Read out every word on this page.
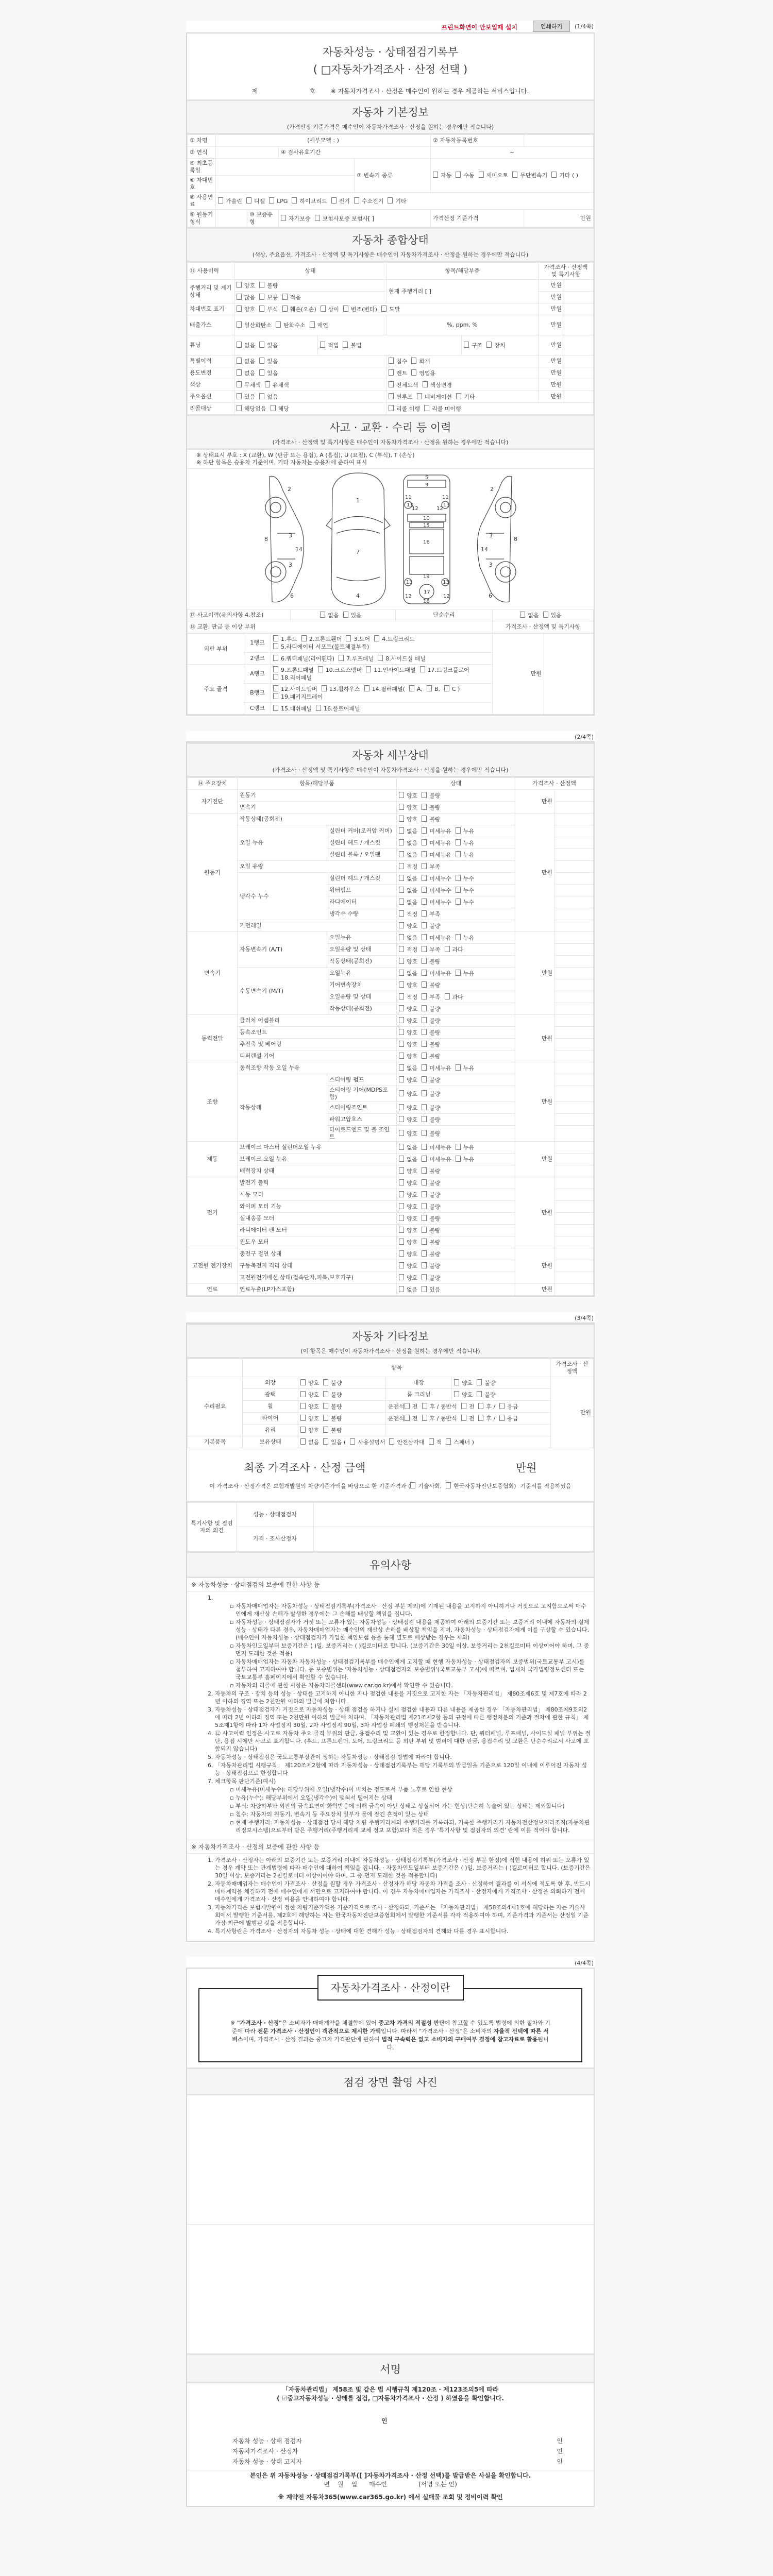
프린트화면이 안보일때 설치	인쇄하기	(1/4쪽)
자동차성능 · 상태점검기록부
( □자동차가격조사 · 산정 선택 )
제	호	※ 자동차가격조사 · 산정은 매수인이 원하는 경우 제공하는 서비스입니다.
자동차 기본정보

(가격산정 기준가격은 매수인이 자동차가격조사 · 산정을 원하는 경우에만 적습니다)

① 차명	(세부모델 : )			② 자동차등록번호	
③ 연식		④ 검사유효기간		~	
⑤ 최초등록일			⑦ 변속기 종류	자동 수동 세미오토 무단변속기 기타 ( )	
⑥ 차대번호					
⑧ 사용연료	가솔린 디젤 LPG 하이브리드 전기 수소전기 기타				
⑨ 원동기형식		⑩ 보증유형	자가보증 보험사보증 보험사[ ]	가격산정 기준가격	만원
자동차 종합상태

(색상, 주요옵션, 가격조사 · 산정액 및 특기사항은 매수인이 자동차가격조사 · 산정을 원하는 경우에만 적습니다)

⑪ 사용이력	상태		항목/해당부품		가격조사 · 산정액 및 특기사항	
주행거리 및 계기상태	양호 불량		현재 주행거리 [ ]		만원	
	많음 보통 적음				만원	
차대번호 표기	양호 부식 훼손(오손) 상이 변조(변타) 도말				만원	
배출가스	일산화탄소 탄화수소 매연		%, ppm, %		만원	
튜닝	없음 있음	적법 불법		구조 장치	만원	
특별이력	없음 있음		침수 화재		만원	
용도변경	없음 있음		렌트 영업용		만원	
색상	무채색 유채색		전체도색 색상변경		만원	
주요옵션	있음 없음		썬루프 네비게이션 기타		만원	
리콜대상	해당없음 해당		리콜 이행 리콜 미이행			
사고 · 교환 · 수리 등 이력

(가격조사 · 산정액 및 특기사항은 매수인이 자동차가격조사 · 산정을 원하는 경우에만 적습니다)

※ 상태표시 부호 : X (교환), W (판금 또는 용접), A (흠집), U (요철), C (부식), T (손상)
※ 하단 항목은 승용차 기준이며, 기타 자동차는 승용차에 준하여 표시
2
3
3
8
14
6
1
7
4
5
9
11	11
12	12
13	13
10
15
16
19
13	13
17
12	12
18
2
3
3
8
14
6
⑫ 사고이력(유의사항 4.참조)	없음 있음	단순수리	없음 있음
⑬ 교환, 판금 등 이상 부위			가격조사 · 산정액 및 특기사항
외판 부위	1랭크	1.후드 2.프론트휀더 3.도어 4.트렁크리드5.라디에이터 서포트(볼트체결부품)	만원	
	2랭크	6.쿼터패널(리어휀다) 7.루프패널 8.사이드실 패널		
주요 골격	A랭크	9.프론트패널 10.크로스멤버 11.인사이드패널 17.트렁크플로어18.리어패널		
	B랭크	12.사이드멤버 13.휠하우스 14.필러패널( A, B, C )19.패키지트레이		
	C랭크	15.대쉬패널 16.플로어패널		
(2/4쪽)
자동차 세부상태

(가격조사 · 산정액 및 특기사항은 매수인이 자동차가격조사 · 산정을 원하는 경우에만 적습니다)

⑭ 주요장치	항목/해당부품		상태	가격조사 · 산정액	
자기진단	원동기		양호 불량	만원	
	변속기		양호 불량		
원동기	작동상태(공회전)		양호 불량	만원	
	오일 누유	실린더 커버(로커암 커버)	없음 미세누유 누유		
		실린더 헤드 / 개스킷	없음 미세누유 누유		
		실린더 블록 / 오일팬	없음 미세누유 누유		
	오일 유량		적정 부족		
	냉각수 누수	실린더 헤드 / 개스킷	없음 미세누수 누수		
		워터펌프	없음 미세누수 누수		
		라디에이터	없음 미세누수 누수		
		냉각수 수량	적정 부족		
	커먼레일		양호 불량		
변속기	자동변속기 (A/T)	오일누유	없음 미세누유 누유	만원	
		오일유량 및 상태	적정 부족 과다		
		작동상태(공회전)	양호 불량		
	수동변속기 (M/T)	오일누유	없음 미세누유 누유		
		기어변속장치	양호 불량		
		오일유량 및 상태	적정 부족 과다		
		작동상태(공회전)	양호 불량		
동력전달	클러치 어셈블리		양호 불량	만원	
	등속조인트		양호 불량		
	추진축 및 베어링		양호 불량		
	디퍼렌셜 기어		양호 불량		
조향	동력조향 작동 오일 누유		없음 미세누유 누유	만원	
	작동상태	스티어링 펌프	양호 불량		
		스티어링 기어(MDPS포함)	양호 불량		
		스티어링조인트	양호 불량		
		파워고압호스	양호 불량		
		타이로드엔드 및 볼 조인트	양호 불량		
제동	브레이크 마스터 실린더오일 누유		없음 미세누유 누유	만원	
	브레이크 오일 누유		없음 미세누유 누유		
	배력장치 상태		양호 불량		
전기	발전기 출력		양호 불량	만원	
	시동 모터		양호 불량		
	와이퍼 모터 기능		양호 불량		
	실내송풍 모터		양호 불량		
	라디에이터 팬 모터		양호 불량		
	윈도우 모터		양호 불량		
고전원 전기장치	충전구 절연 상태		양호 불량	만원	
	구동축전지 격리 상태		양호 불량		
	고전원전기배선 상태(접속단자,피복,보호기구)		양호 불량		
연료	연료누출(LP가스포함)		없음 있음	만원	
(3/4쪽)
자동차 기타정보

(이 항목은 매수인이 자동차가격조사 · 산정을 원하는 경우에만 적습니다)

	항목				가격조사 · 산정액
수리필요	외장	양호 불량	내장	양호 불량	만원
	광택	양호 불량	룸 크리닝	양호 불량	
	휠	양호 불량	운전석 전 후 / 동반석 전 후 / 응급		
	타이어	양호 불량	운전석 전 후 / 동반석 전 후 / 응급		
	유리	양호 불량			
기본품목	보유상태	없음 있음 ( 사용설명서 안전삼각대 잭 스패너 )			
최종 가격조사 · 산정 금액	만원
이 가격조사 · 산정가격은 보험개발원의 차량기준가액을 바탕으로 한 기준가격과 ( 기술사회, 한국자동차진단보증협회) 기준서를 적용하였음
특기사항 및 점검자의 의견	성능 · 상태점검자	
	가격 · 조사산정자	
유의사항
※ 자동차성능 · 상태점검의 보증에 관한 사항 등

▫ 1. 자동차매매업자는 자동차성능 · 상태점검기록부(가격조사 · 산정 부분 제외)에 기재된 내용을 고지하지 아니하거나 거짓으로 고지함으로써 매수인에게 재산상 손해가 발생한 경우에는 그 손해를 배상할 책임을 집니다.
▫ 자동차성능 · 상태점검자가 거짓 또는 오류가 있는 자동차성능 · 상태점검 내용을 제공하여 아래의 보증기간 또는 보증거리 이내에 자동차의 실제 성능 · 상태가 다른 경우, 자동차매매업자는 매수인의 재산상 손해를 배상할 책임을 지며, 자동차성능 · 상태점검자에게 이를 구상할 수 있습니다.(매수인이 자동차성능 · 상태점검자가 가입한 책임보험 등을 통해 별도로 배상받는 경우는 제외)
▫ 자동차인도일부터 보증기간은 ( )일, 보증거리는 ( )킬로미터로 합니다. (보증기간은 30일 이상, 보증거리는 2천킬로미터 이상이어야 하며, 그 중 먼저 도래한 것을 적용)
▫ 자동차매매업자는 자동차 자동차성능 · 상태점검기록부를 매수인에게 고지할 때 현행 자동차성능 · 상태점검자의 보증범위(국토교통부 고시)를 첨부하여 고지하여야 합니다. 동 보증범위는 '자동차성능 · 상태점검자의 보증범위'(국토교통부 고시)에 따르며, 법제처 국가법령정보센터 또는 국토교통부 홈페이지에서 확인할 수 있습니다.
▫ 자동차의 리콜에 관한 사항은 자동차리콜센터(www.car.go.kr)에서 확인할 수 있습니다.
2. 자동차의 구조 · 장치 등의 성능 · 상태를 고지하지 아니한 자나 점검한 내용을 거짓으로 고지한 자는 「자동차관리법」 제80조제6호 및 제7호에 따라 2년 이하의 징역 또는 2천만원 이하의 벌금에 처합니다.
3. 자동차성능 · 상태점검자가 거짓으로 자동차성능 · 상태 점검을 하거나 실제 점검한 내용과 다른 내용을 제공한 경우 「자동차관리법」 제80조제9호의2에 따라 2년 이하의 징역 또는 2천만원 이하의 벌금에 처하며, 「자동차관리법 제21조제2항 등의 규정에 따른 행정처분의 기준과 절차에 관한 규칙」 제5조제1항에 따라 1차 사업정지 30일, 2차 사업정지 90일, 3차 사업장 폐쇄의 행정처분을 받습니다.
4. ⑫ 사고이력 인정은 사고로 자동차 주요 골격 부위의 판금, 용접수리 및 교환이 있는 경우로 한정합니다. 단, 쿼터패널, 루프패널, 사이드실 패널 부위는 절단, 용접 시에만 사고로 표기합니다. (후드, 프론트펜더, 도어, 트렁크리드 등 외판 부위 및 범퍼에 대한 판금, 용접수리 및 교환은 단순수리로서 사고에 포함되지 않습니다)
5. 자동차성능 · 상태점검은 국토교통부장관이 정하는 자동차성능 · 상태점검 방법에 따라야 합니다.
6. 「자동차관리법 시행규칙」 제120조제2항에 따라 자동차성능 · 상태점검기록부는 해당 기록부의 발급일을 기준으로 120일 이내에 이루어진 자동차 성능 · 상태점검으로 한정합니다
7. 체크항목 판단기준(예시)
▫ 미세누유(미세누수): 해당부위에 오일(냉각수)이 비치는 정도로서 부품 노후로 인한 현상
▫ 누유(누수): 해당부위에서 오일(냉각수)이 맺혀서 떨어지는 상태
▫ 부식: 차량하부와 외판의 금속표면이 화학반응에 의해 금속이 아닌 상태로 상실되어 가는 현상(단순히 녹슬어 있는 상태는 제외합니다)
▫ 침수: 자동차의 원동기, 변속기 등 주요장치 일부가 물에 잠긴 흔적이 있는 상태
▫ 현재 주행거리: 자동차성능 · 상태점검 당시 해당 차량 주행거리계의 주행거리를 기록하되, 기록한 주행거리가 자동차전산정보처리조직(자동차관리정보시스템)으로부터 받은 주행거리(주행거리계 교체 정보 포함)보다 적은 경우 '특기사항 및 점검자의 의견' 란에 이를 적어야 합니다.
※ 자동차가격조사 · 산정의 보증에 관한 사항 등
1. 가격조사 · 산정자는 아래의 보증기간 또는 보증거리 이내에 자동차성능 · 상태점검기록부(가격조사 · 산정 부분 한정)에 적힌 내용에 허위 또는 오류가 있는 경우 계약 또는 관계법령에 따라 매수인에 대하여 책임을 집니다. · 자동차인도일부터 보증기간은 ( )일, 보증거리는 ( )킬로미터로 합니다. (보증기간은 30일 이상, 보증거리는 2천킬로미터 이상이어야 하며, 그 중 먼저 도래한 것을 적용합니다)
2. 자동차매매업자는 매수인이 가격조사 · 산정을 원할 경우 가격조사 · 산정자가 해당 자동차 가격을 조사 · 산정하여 결과를 이 서식에 적도록 한 후, 반드시 매매계약을 체결하기 전에 매수인에게 서면으로 고지하여야 합니다. 이 경우 자동차매매업자는 가격조사 · 산정자에게 가격조사 · 산정을 의뢰하기 전에 매수인에게 가격조사 · 산정 비용을 안내하여야 합니다.
3. 자동차가격은 보험개발원이 정한 차량기준가액을 기준가격으로 조사 · 산정하되, 기준서는 「자동차관리법」 제58조의4제1호에 해당하는 자는 기술사회에서 발행한 기준서를, 제2호에 해당하는 자는 한국자동차진단보증협회에서 발행한 기준서를 각각 적용하여야 하며, 기준가격과 기준서는 산정일 기준 가장 최근에 발행된 것을 적용합니다.
4. 특기사항란은 가격조사 · 산정자의 자동차 성능 · 상태에 대한 견해가 성능 · 상태점검자의 견해와 다를 경우 표시합니다.
(4/4쪽)
자동차가격조사 · 산정이란
※ "가격조사 · 산정"은 소비자가 매매계약을 체결함에 있어 중고차 가격의 적절성 판단에 참고할 수 있도록 법령에 의한 절차와 기준에 따라 전문 가격조사 · 산정인이 객관적으로 제시한 가액입니다. 따라서 "가격조사 · 산정"은 소비자의 자율적 선택에 따른 서비스이며, 가격조사 · 산정 결과는 중고차 가격판단에 관하여 법적 구속력은 없고 소비자의 구매여부 결정에 참고자료로 활용됩니다.
점검 장면 촬영 사진
서명
「자동차관리법」 제58조 및 같은 법 시행규칙 제120조 · 제123조의5에 따라
( ☑중고자동차성능 · 상태를 점검, □자동차가격조사 · 산정 ) 하였음을 확인합니다.
인
자동차 성능 · 상태 점검자	인
자동차가격조사 · 산정자	인
자동차 성능 · 상태 고지자	인
본인은 위 자동차성능 · 상태점검기록부([ ]자동차가격조사 · 산정 선택)를 발급받은 사실을 확인합니다.
년    월    일      매수인                (서명 또는 인)
※ 계약전 자동차365(www.car365.go.kr) 에서 실매물 조회 및 정비이력 확인
